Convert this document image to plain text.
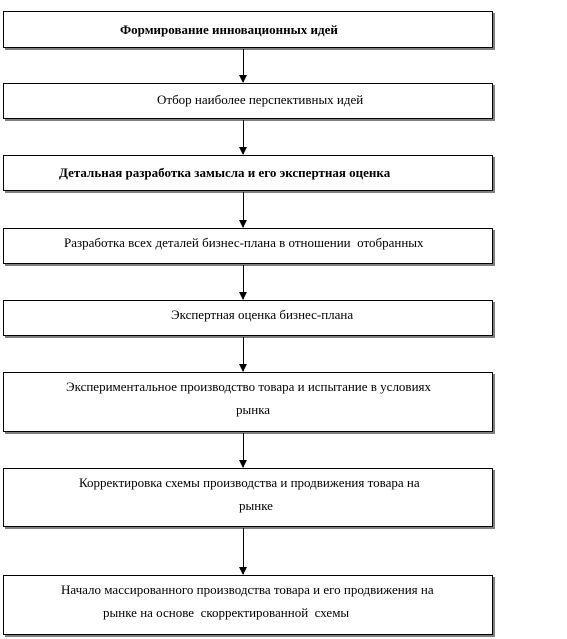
Формирование инновационных идей
Отбор наиболее перспективных идей
Детальная разработка замысла и его экспертная оценка
Разработка всех деталей бизнес-плана в отношении  отобранных
Экспертная оценка бизнес-плана
Экспериментальное производство товара и испытание в условиях
рынка
Корректировка схемы производства и продвижения товара на
рынке
Начало массированного производства товара и его продвижения на
рынке на основе  скорректированной  схемы
